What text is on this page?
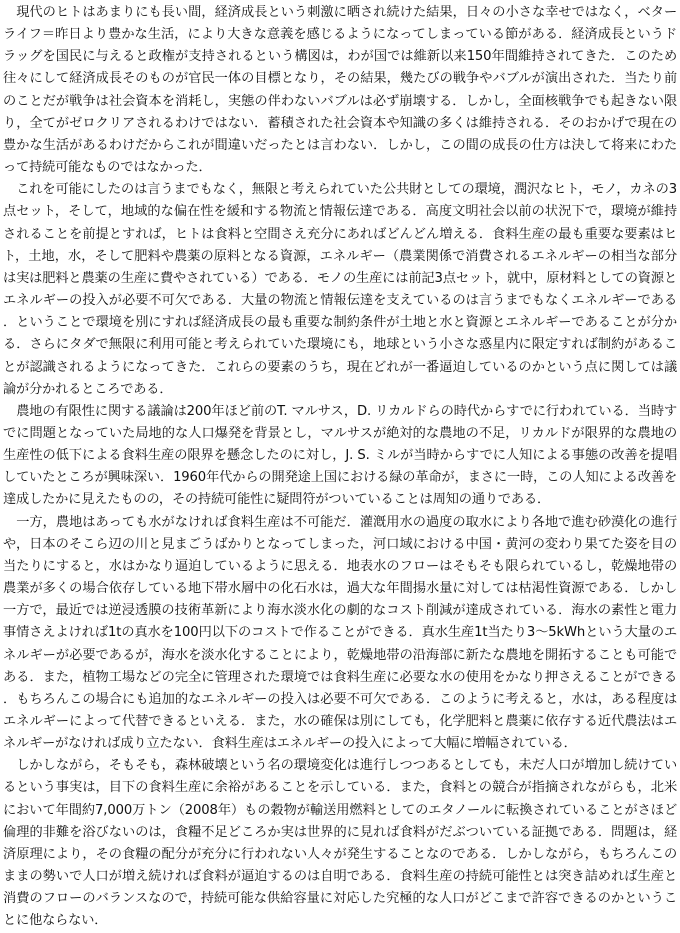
現代のヒトはあまりにも長い間，経済成長という刺激に晒され続けた結果，日々の小さな幸せではなく，ベターライフ＝昨日より豊かな生活，により大きな意義を感じるようになってしまっている節がある．経済成長というドラッグを国民に与えると政権が支持されるという構図は，わが国では維新以来150年間維持されてきた．このため往々にして経済成長そのものが官民一体の目標となり，その結果，幾たびの戦争やバブルが演出された．当たり前のことだが戦争は社会資本を消耗し，実態の伴わないバブルは必ず崩壊する．しかし，全面核戦争でも起きない限り，全てがゼロクリアされるわけではない．蓄積された社会資本や知識の多くは維持される．そのおかげで現在の豊かな生活があるわけだからこれが間違いだったとは言わない．しかし，この間の成長の仕方は決して将来にわたって持続可能なものではなかった．

これを可能にしたのは言うまでもなく，無限と考えられていた公共財としての環境，潤沢なヒト，モノ，カネの3点セット，そして，地域的な偏在性を緩和する物流と情報伝達である．高度文明社会以前の状況下で，環境が維持されることを前提とすれば，ヒトは食料と空間さえ充分にあればどんどん増える．食料生産の最も重要な要素はヒト，土地，水，そして肥料や農薬の原料となる資源，エネルギー（農業関係で消費されるエネルギーの相当な部分は実は肥料と農薬の生産に費やされている）である．モノの生産には前記3点セット，就中，原材料としての資源とエネルギーの投入が必要不可欠である．大量の物流と情報伝達を支えているのは言うまでもなくエネルギーである．ということで環境を別にすれば経済成長の最も重要な制約条件が土地と水と資源とエネルギーであることが分かる．さらにタダで無限に利用可能と考えられていた環境にも，地球という小さな惑星内に限定すれば制約があることが認識されるようになってきた．これらの要素のうち，現在どれが一番逼迫しているのかという点に関しては議論が分かれるところである．

農地の有限性に関する議論は200年ほど前のT. マルサス，D. リカルドらの時代からすでに行われている．当時すでに問題となっていた局地的な人口爆発を背景とし，マルサスが絶対的な農地の不足，リカルドが限界的な農地の生産性の低下による食料生産の限界を懸念したのに対し，J. S. ミルが当時からすでに人知による事態の改善を提唱していたところが興味深い．1960年代からの開発途上国における緑の革命が，まさに一時，この人知による改善を達成したかに見えたものの，その持続可能性に疑問符がついていることは周知の通りである．

一方，農地はあっても水がなければ食料生産は不可能だ．灌漑用水の過度の取水により各地で進む砂漠化の進行や，日本のそこら辺の川と見まごうばかりとなってしまった，河口域における中国・黄河の変わり果てた姿を目の当たりにすると，水はかなり逼迫しているように思える．地表水のフローはそもそも限られているし，乾燥地帯の農業が多くの場合依存している地下帯水層中の化石水は，過大な年間揚水量に対しては枯渇性資源である．しかし一方で，最近では逆浸透膜の技術革新により海水淡水化の劇的なコスト削減が達成されている．海水の素性と電力事情さえよければ1tの真水を100円以下のコストで作ることができる．真水生産1t当たり3～5kWhという大量のエネルギーが必要であるが，海水を淡水化することにより，乾燥地帯の沿海部に新たな農地を開拓することも可能である．また，植物工場などの完全に管理された環境では食料生産に必要な水の使用をかなり押さえることができる．もちろんこの場合にも追加的なエネルギーの投入は必要不可欠である．このように考えると，水は，ある程度はエネルギーによって代替できるといえる．また，水の確保は別にしても，化学肥料と農薬に依存する近代農法はエネルギーがなければ成り立たない．食料生産はエネルギーの投入によって大幅に増幅されている．

しかしながら，そもそも，森林破壊という名の環境変化は進行しつつあるとしても，未だ人口が増加し続けているという事実は，目下の食料生産に余裕があることを示している．また，食料との競合が指摘されながらも，北米において年間約7,000万トン（2008年）もの穀物が輸送用燃料としてのエタノールに転換されていることがさほど倫理的非難を浴びないのは，食糧不足どころか実は世界的に見れば食料がだぶついている証拠である．問題は，経済原理により，その食糧の配分が充分に行われない人々が発生することなのである．しかしながら，もちろんこのままの勢いで人口が増え続ければ食料が逼迫するのは自明である．食料生産の持続可能性とは突き詰めれば生産と消費のフローのバランスなので，持続可能な供給容量に対応した究極的な人口がどこまで許容できるのかということに他ならない．
